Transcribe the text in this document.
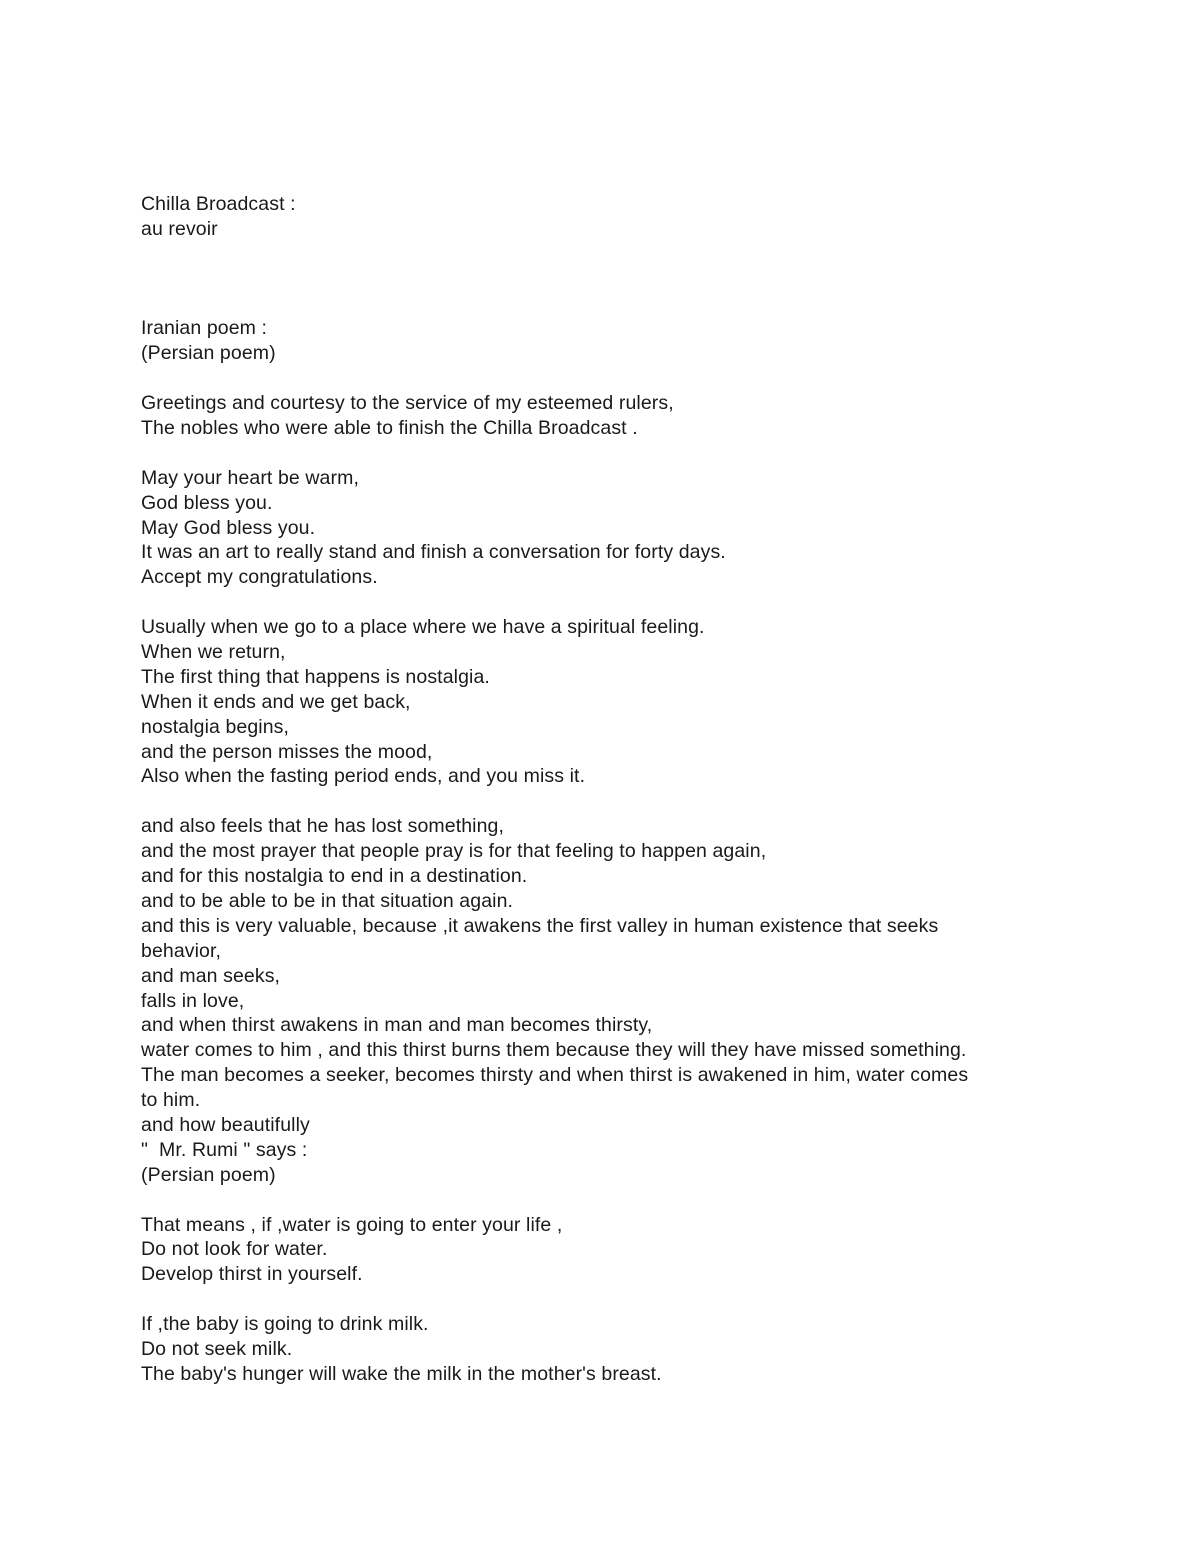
Chilla Broadcast :
au revoir
Iranian poem :
(Persian poem)
Greetings and courtesy to the service of my esteemed rulers,
The nobles who were able to finish the Chilla Broadcast .
May your heart be warm,
God bless you.
May God bless you.
It was an art to really stand and finish a conversation for forty days.
Accept my congratulations.
Usually when we go to a place where we have a spiritual feeling.
When we return,
The first thing that happens is nostalgia.
When it ends and we get back,
nostalgia begins,
and the person misses the mood,
Also when the fasting period ends, and you miss it.
and also feels that he has lost something,
and the most prayer that people pray is for that feeling to happen again,
and for this nostalgia to end in a destination.
and to be able to be in that situation again.
and this is very valuable, because ,it awakens the first valley in human existence that seeks
behavior,
and man seeks,
falls in love,
and when thirst awakens in man and man becomes thirsty,
water comes to him , and this thirst burns them because they will they have missed something.
The man becomes a seeker, becomes thirsty and when thirst is awakened in him, water comes
to him.
and how beautifully
"  Mr. Rumi " says :
(Persian poem)
That means , if ,water is going to enter your life ,
Do not look for water.
Develop thirst in yourself.
If ,the baby is going to drink milk.
Do not seek milk.
The baby's hunger will wake the milk in the mother's breast.
